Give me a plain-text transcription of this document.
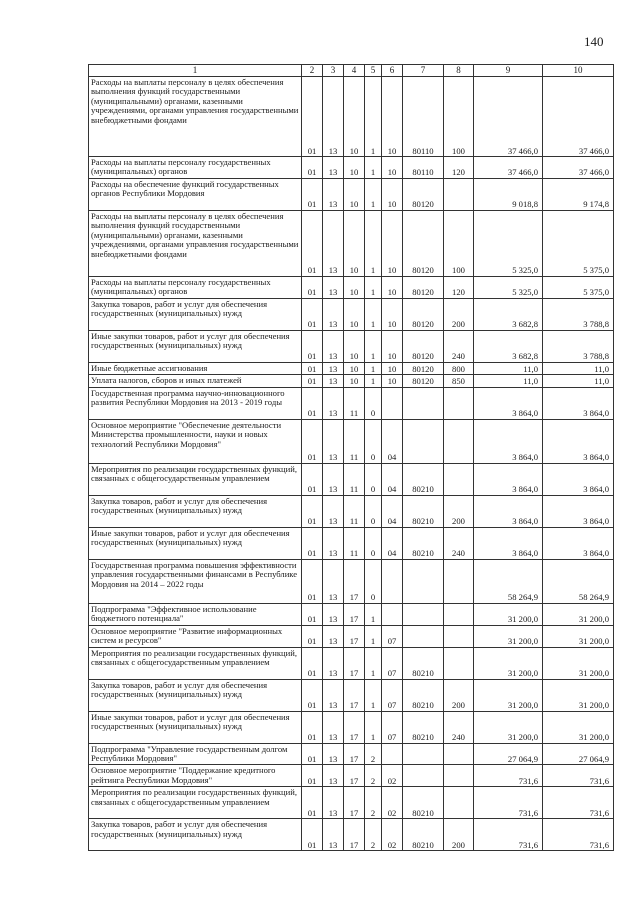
140
1	2	3	4	5	6	7	8	9	10
Расходы на выплаты персоналу в целях обеспечения выполнения функций государственными (муниципальными) органами, казенными учреждениями, органами управления государственными внебюджетными фондами	01	13	10	1	10	80110	100	37 466,0	37 466,0
Расходы на выплаты персоналу государственных (муниципальных) органов	01	13	10	1	10	80110	120	37 466,0	37 466,0
Расходы на обеспечение функций государственных органов Республики Мордовия	01	13	10	1	10	80120		9 018,8	9 174,8
Расходы на выплаты персоналу в целях обеспечения выполнения функций государственными (муниципальными) органами, казенными учреждениями, органами управления государственными внебюджетными фондами	01	13	10	1	10	80120	100	5 325,0	5 375,0
Расходы на выплаты персоналу государственных (муниципальных) органов	01	13	10	1	10	80120	120	5 325,0	5 375,0
Закупка товаров, работ и услуг для обеспечения государственных (муниципальных) нужд	01	13	10	1	10	80120	200	3 682,8	3 788,8
Иные закупки товаров, работ и услуг для обеспечения государственных (муниципальных) нужд	01	13	10	1	10	80120	240	3 682,8	3 788,8
Иные бюджетные ассигнования	01	13	10	1	10	80120	800	11,0	11,0
Уплата налогов, сборов и иных платежей	01	13	10	1	10	80120	850	11,0	11,0
Государственная программа научно-инновационного развития Республики Мордовия на 2013 - 2019 годы	01	13	11	0				3 864,0	3 864,0
Основное мероприятие "Обеспечение деятельности Министерства промышленности, науки и новых технологий Республики Мордовия"	01	13	11	0	04			3 864,0	3 864,0
Мероприятия по реализации государственных функций, связанных с общегосударственным управлением	01	13	11	0	04	80210		3 864,0	3 864,0
Закупка товаров, работ и услуг для обеспечения государственных (муниципальных) нужд	01	13	11	0	04	80210	200	3 864,0	3 864,0
Иные закупки товаров, работ и услуг для обеспечения государственных (муниципальных) нужд	01	13	11	0	04	80210	240	3 864,0	3 864,0
Государственная программа повышения эффективности управления государственными финансами в Республике Мордовия на 2014 – 2022 годы	01	13	17	0				58 264,9	58 264,9
Подпрограмма "Эффективное использование бюджетного потенциала"	01	13	17	1				31 200,0	31 200,0
Основное мероприятие "Развитие информационных систем и ресурсов"	01	13	17	1	07			31 200,0	31 200,0
Мероприятия по реализации государственных функций, связанных с общегосударственным управлением	01	13	17	1	07	80210		31 200,0	31 200,0
Закупка товаров, работ и услуг для обеспечения государственных (муниципальных) нужд	01	13	17	1	07	80210	200	31 200,0	31 200,0
Иные закупки товаров, работ и услуг для обеспечения государственных (муниципальных) нужд	01	13	17	1	07	80210	240	31 200,0	31 200,0
Подпрограмма "Управление государственным долгом Республики Мордовия"	01	13	17	2				27 064,9	27 064,9
Основное мероприятие "Поддержание кредитного рейтинга Республики Мордовия"	01	13	17	2	02			731,6	731,6
Мероприятия по реализации государственных функций, связанных с общегосударственным управлением	01	13	17	2	02	80210		731,6	731,6
Закупка товаров, работ и услуг для обеспечения государственных (муниципальных) нужд	01	13	17	2	02	80210	200	731,6	731,6
